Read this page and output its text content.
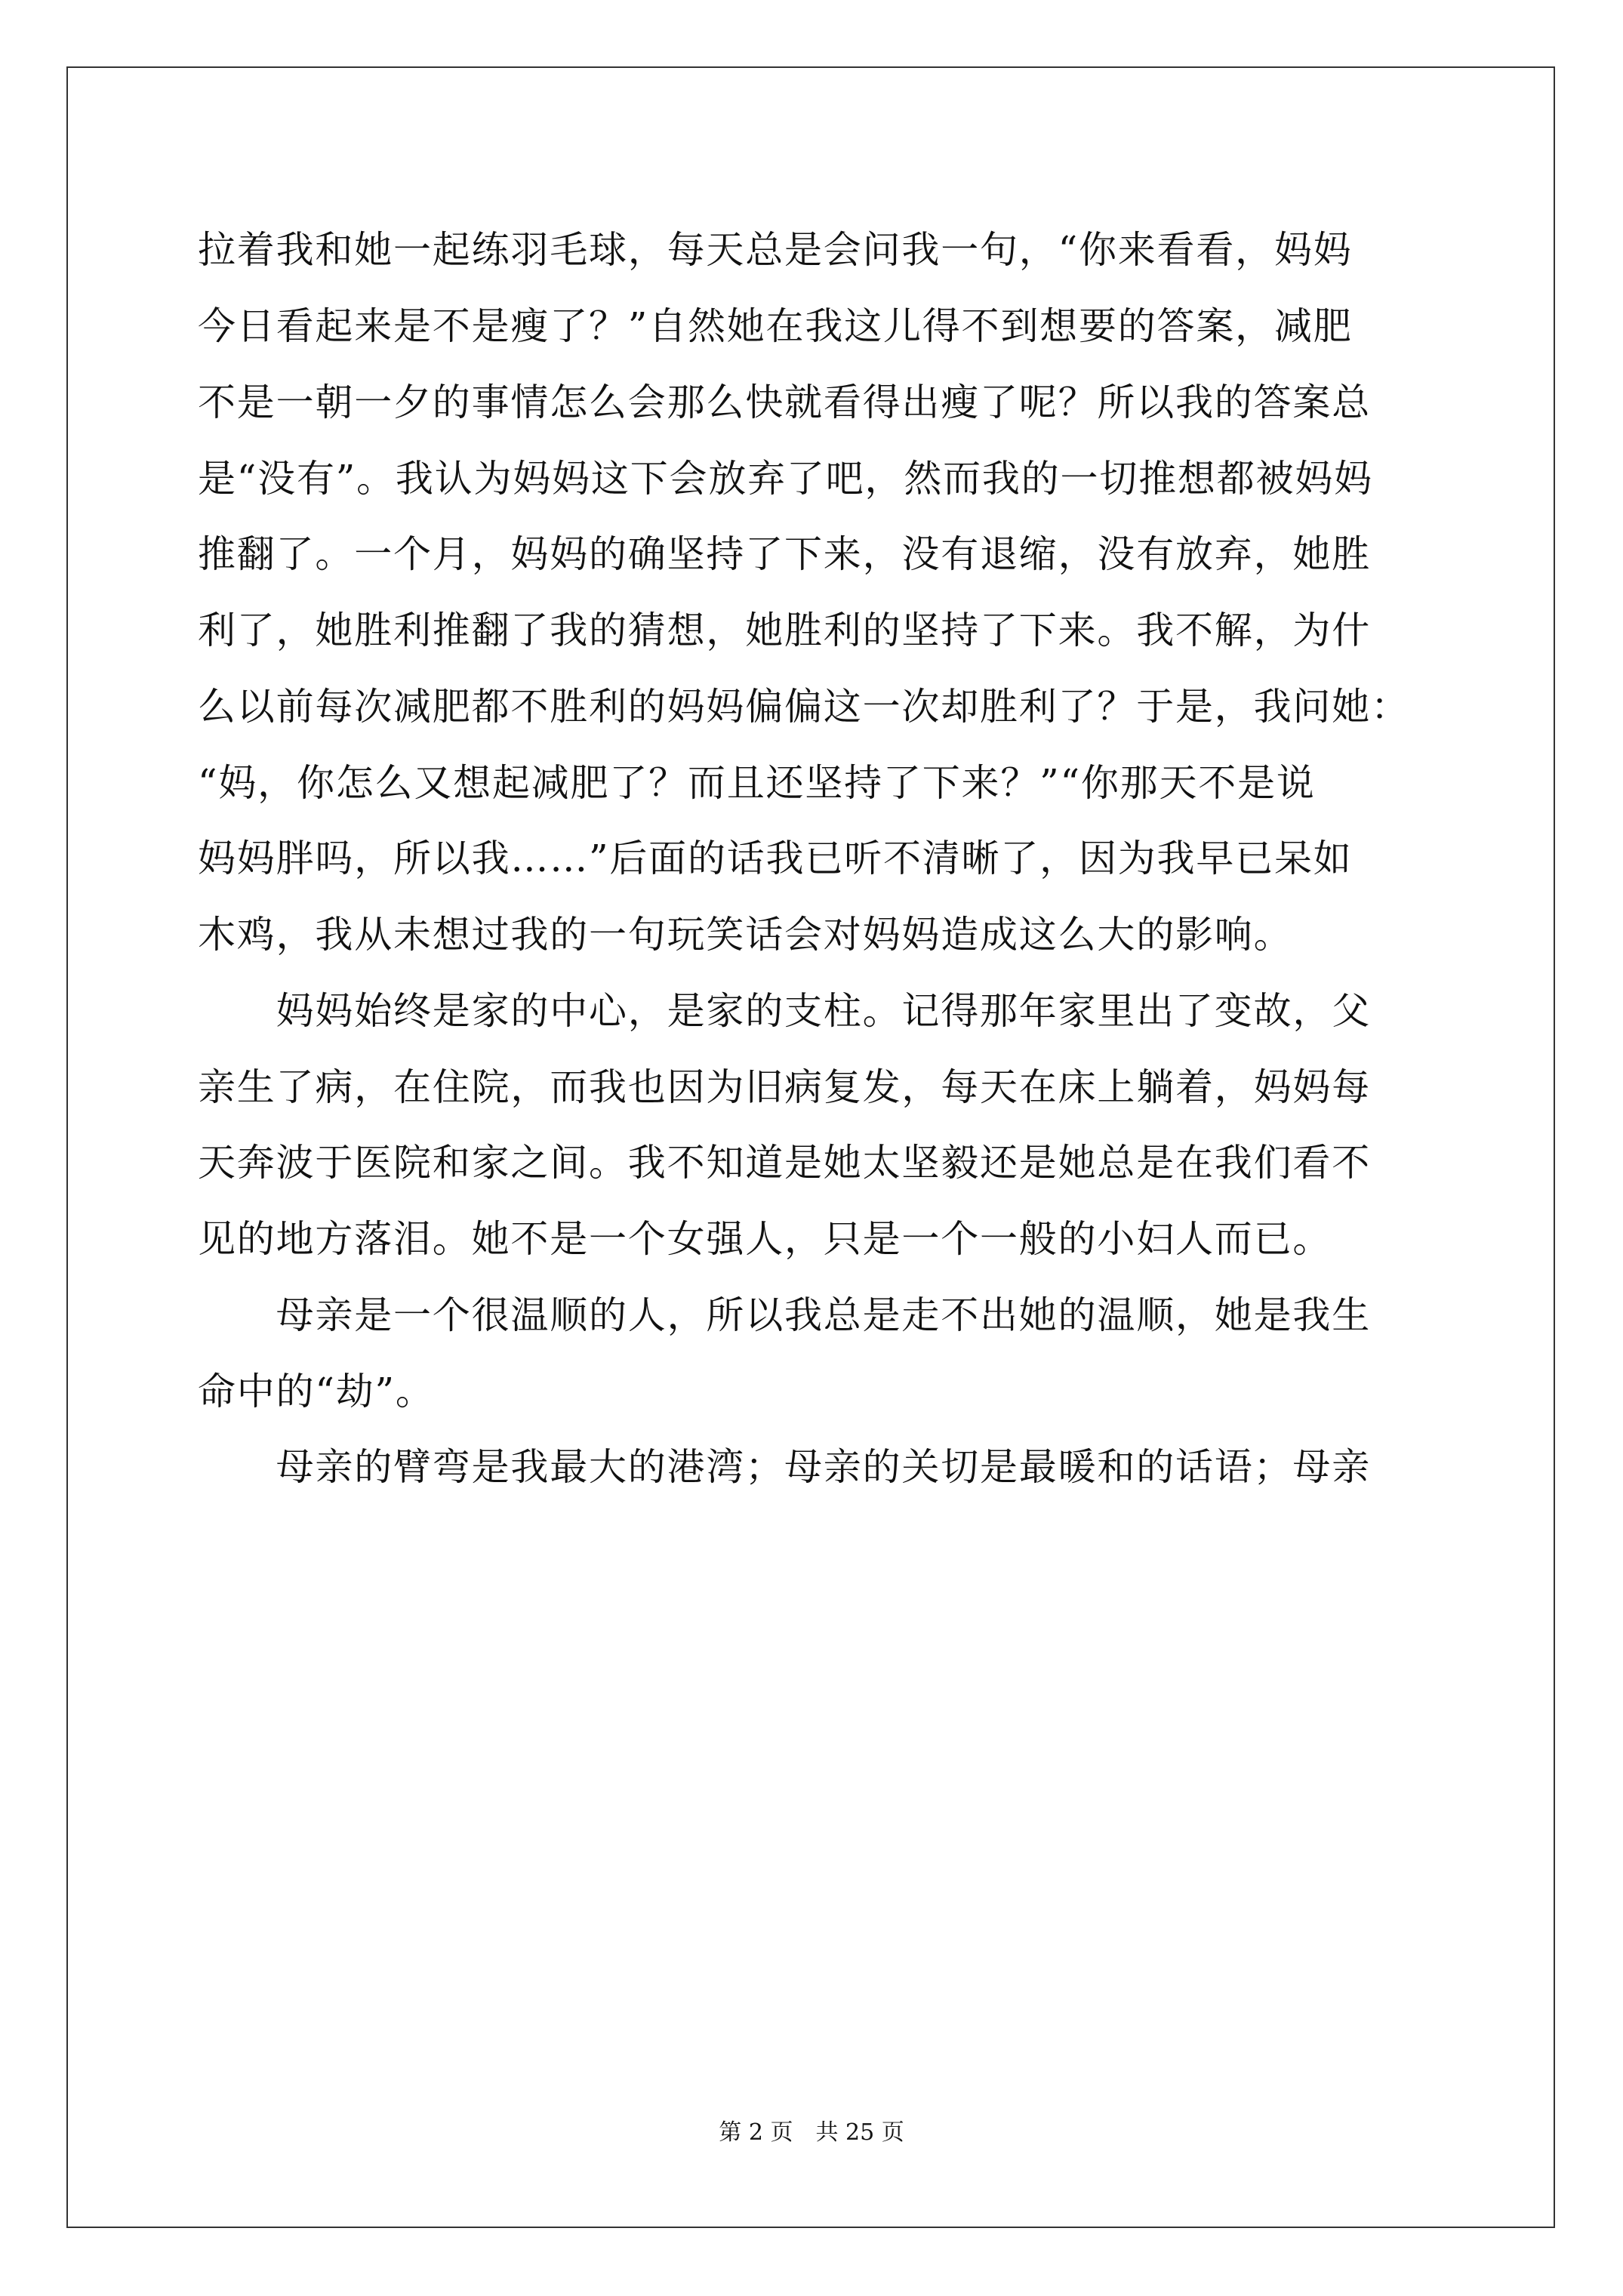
拉着我和她一起练羽毛球，每天总是会问我一句，“你来看看，妈妈
今日看起来是不是瘦了？”自然她在我这儿得不到想要的答案，减肥
不是一朝一夕的事情怎么会那么快就看得出瘦了呢？所以我的答案总
是“没有”。我认为妈妈这下会放弃了吧，然而我的一切推想都被妈妈
推翻了。一个月，妈妈的确坚持了下来，没有退缩，没有放弃，她胜
利了，她胜利推翻了我的猜想，她胜利的坚持了下来。我不解，为什
么以前每次减肥都不胜利的妈妈偏偏这一次却胜利了？于是，我问她：
“妈，你怎么又想起减肥了？而且还坚持了下来？”“你那天不是说
妈妈胖吗，所以我……”后面的话我已听不清晰了，因为我早已呆如
木鸡，我从未想过我的一句玩笑话会对妈妈造成这么大的影响。
　　妈妈始终是家的中心，是家的支柱。记得那年家里出了变故，父
亲生了病，在住院，而我也因为旧病复发，每天在床上躺着，妈妈每
天奔波于医院和家之间。我不知道是她太坚毅还是她总是在我们看不
见的地方落泪。她不是一个女强人，只是一个一般的小妇人而已。
　　母亲是一个很温顺的人，所以我总是走不出她的温顺，她是我生
命中的“劫”。
　　母亲的臂弯是我最大的港湾；母亲的关切是最暖和的话语；母亲
第 2 页 共 25 页
